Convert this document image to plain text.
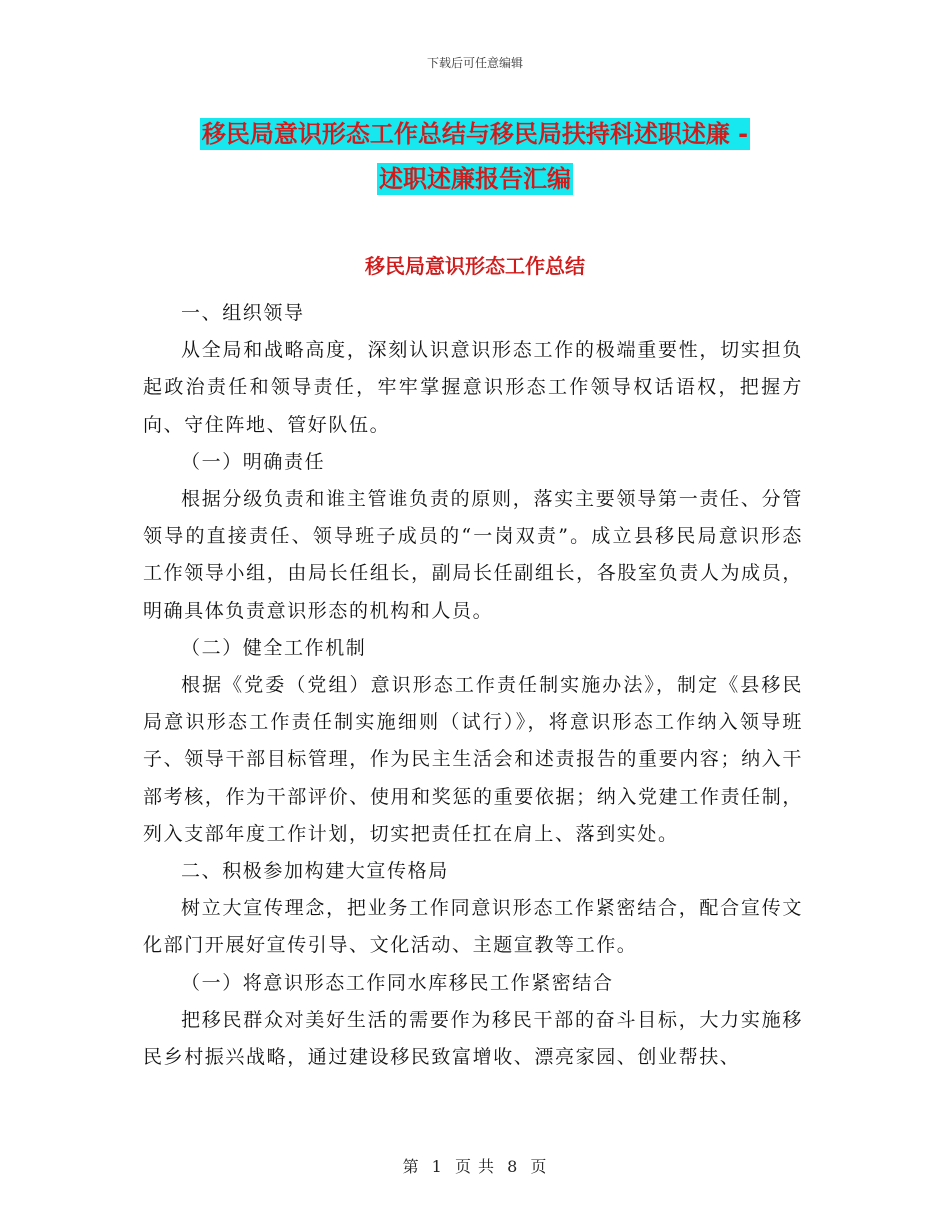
下载后可任意编辑
移民局意识形态工作总结与移民局扶持科述职述廉 -
述职述廉报告汇编
移民局意识形态工作总结

一、组织领导

从全局和战略高度，深刻认识意识形态工作的极端重要性，切实担负起政治责任和领导责任，牢牢掌握意识形态工作领导权话语权，把握方向、守住阵地、管好队伍。

（一）明确责任

根据分级负责和谁主管谁负责的原则，落实主要领导第一责任、分管领导的直接责任、领导班子成员的“一岗双责”。成立县移民局意识形态工作领导小组，由局长任组长，副局长任副组长，各股室负责人为成员，明确具体负责意识形态的机构和人员。

（二）健全工作机制

根据《党委（党组）意识形态工作责任制实施办法》，制定《县移民局意识形态工作责任制实施细则（试行）》，将意识形态工作纳入领导班子、领导干部目标管理，作为民主生活会和述责报告的重要内容；纳入干部考核，作为干部评价、使用和奖惩的重要依据；纳入党建工作责任制，列入支部年度工作计划，切实把责任扛在肩上、落到实处。

二、积极参加构建大宣传格局

树立大宣传理念，把业务工作同意识形态工作紧密结合，配合宣传文化部门开展好宣传引导、文化活动、主题宣教等工作。

（一）将意识形态工作同水库移民工作紧密结合

把移民群众对美好生活的需要作为移民干部的奋斗目标，大力实施移民乡村振兴战略，通过建设移民致富增收、漂亮家园、创业帮扶、

第 1 页 共 8 页
